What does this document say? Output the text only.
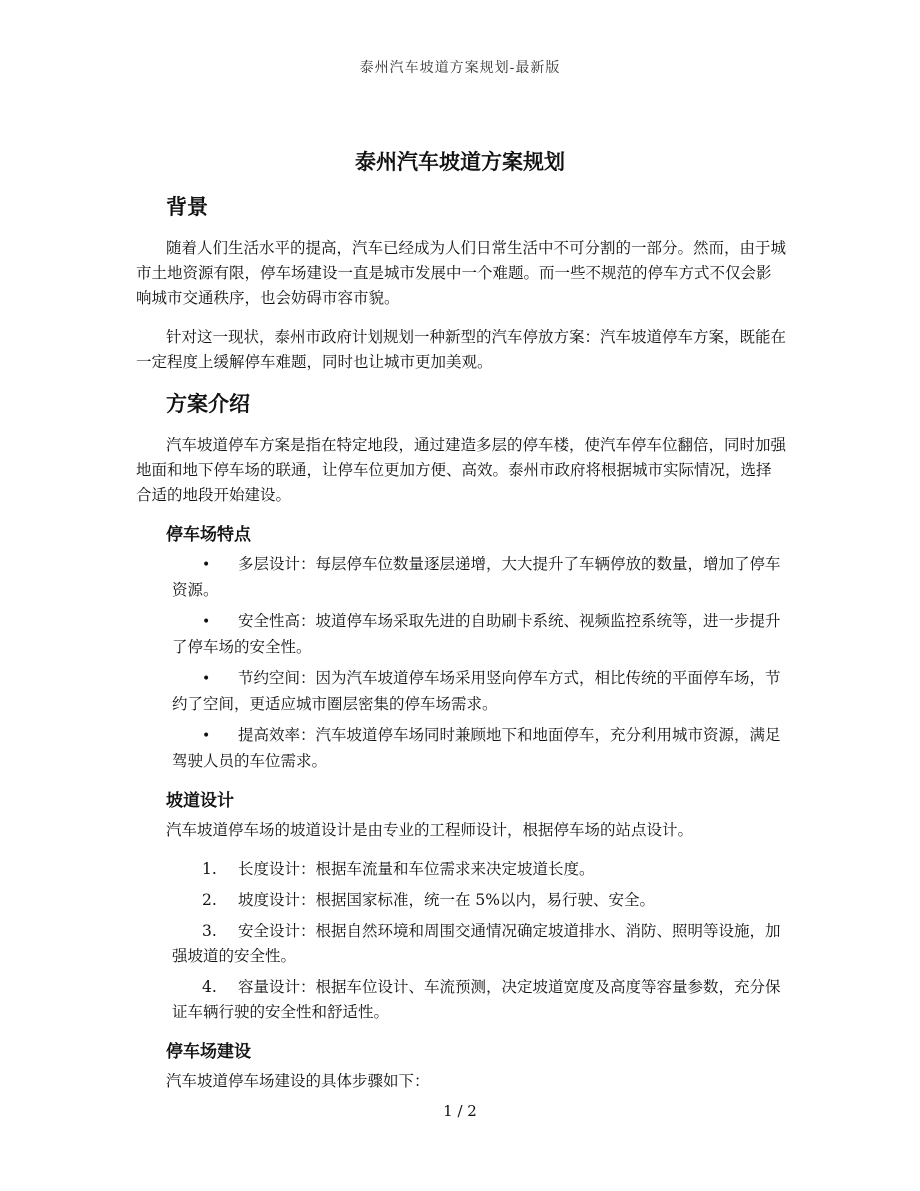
泰州汽车坡道方案规划-最新版
泰州汽车坡道方案规划
背景

随着人们生活水平的提高，汽车已经成为人们日常生活中不可分割的一部分。然而，由于城市土地资源有限，停车场建设一直是城市发展中一个难题。而一些不规范的停车方式不仅会影响城市交通秩序，也会妨碍市容市貌。

针对这一现状，泰州市政府计划规划一种新型的汽车停放方案：汽车坡道停车方案，既能在一定程度上缓解停车难题，同时也让城市更加美观。

方案介绍

汽车坡道停车方案是指在特定地段，通过建造多层的停车楼，使汽车停车位翻倍，同时加强地面和地下停车场的联通，让停车位更加方便、高效。泰州市政府将根据城市实际情况，选择合适的地段开始建设。

停车场特点
• 多层设计：每层停车位数量逐层递增，大大提升了车辆停放的数量，增加了停车资源。
• 安全性高：坡道停车场采取先进的自助刷卡系统、视频监控系统等，进一步提升了停车场的安全性。
• 节约空间：因为汽车坡道停车场采用竖向停车方式，相比传统的平面停车场，节约了空间，更适应城市圈层密集的停车场需求。
• 提高效率：汽车坡道停车场同时兼顾地下和地面停车，充分利用城市资源，满足驾驶人员的车位需求。
坡道设计

汽车坡道停车场的坡道设计是由专业的工程师设计，根据停车场的站点设计。

1. 长度设计：根据车流量和车位需求来决定坡道长度。
2. 坡度设计：根据国家标准，统一在 5%以内，易行驶、安全。
3. 安全设计：根据自然环境和周围交通情况确定坡道排水、消防、照明等设施，加强坡道的安全性。
4. 容量设计：根据车位设计、车流预测，决定坡道宽度及高度等容量参数，充分保证车辆行驶的安全性和舒适性。
停车场建设

汽车坡道停车场建设的具体步骤如下：

1 / 2
